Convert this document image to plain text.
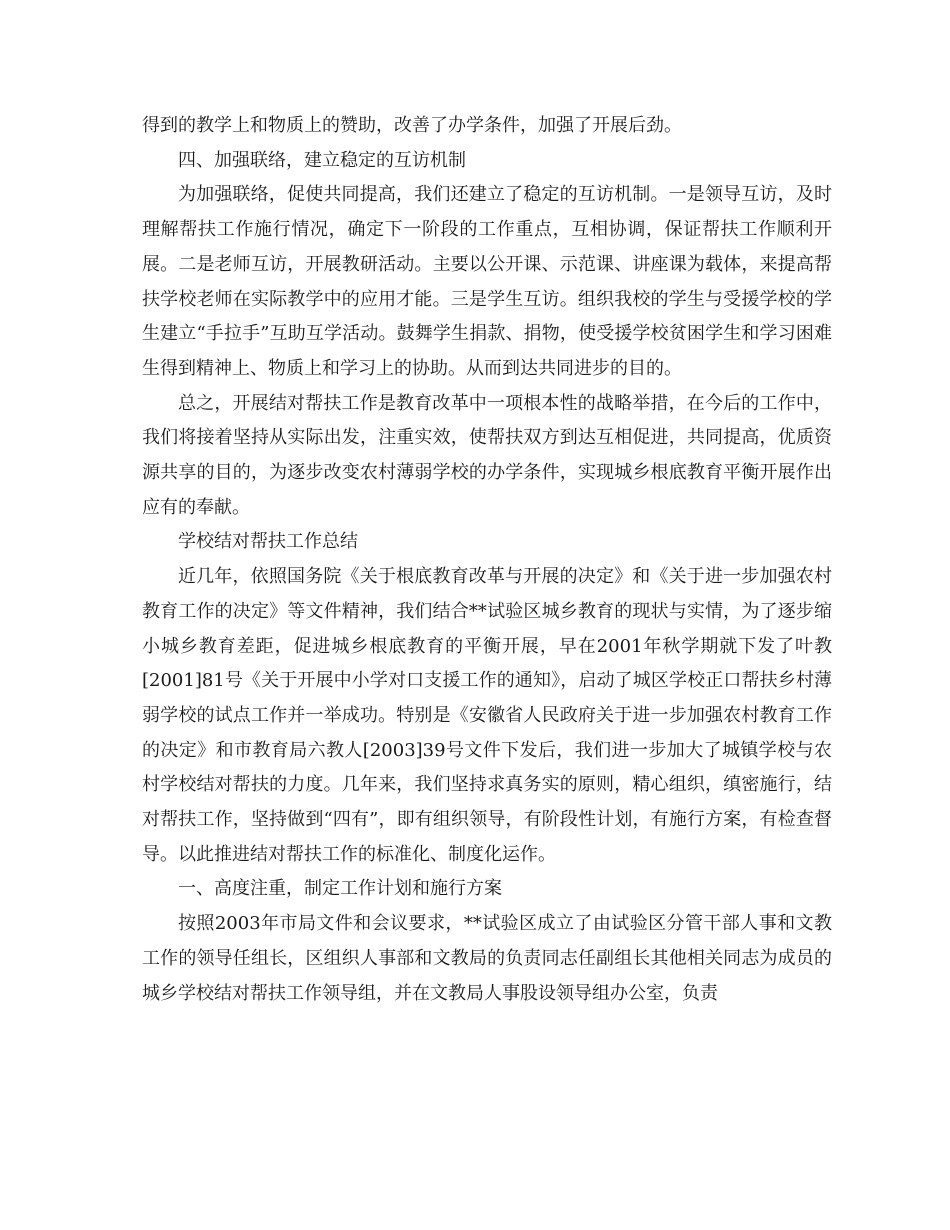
得到的教学上和物质上的赞助，改善了办学条件，加强了开展后劲。

四、加强联络，建立稳定的互访机制

为加强联络，促使共同提高，我们还建立了稳定的互访机制。一是领导互访，及时理解帮扶工作施行情况，确定下一阶段的工作重点，互相协调，保证帮扶工作顺利开展。二是老师互访，开展教研活动。主要以公开课、示范课、讲座课为载体，来提高帮扶学校老师在实际教学中的应用才能。三是学生互访。组织我校的学生与受援学校的学生建立“手拉手”互助互学活动。鼓舞学生捐款、捐物，使受援学校贫困学生和学习困难生得到精神上、物质上和学习上的协助。从而到达共同进步的目的。

总之，开展结对帮扶工作是教育改革中一项根本性的战略举措，在今后的工作中，我们将接着坚持从实际出发，注重实效，使帮扶双方到达互相促进，共同提高，优质资源共享的目的，为逐步改变农村薄弱学校的办学条件，实现城乡根底教育平衡开展作出应有的奉献。

学校结对帮扶工作总结

近几年，依照国务院《关于根底教育改革与开展的决定》和《关于进一步加强农村教育工作的决定》等文件精神，我们结合**试验区城乡教育的现状与实情，为了逐步缩小城乡教育差距，促进城乡根底教育的平衡开展，早在2001年秋学期就下发了叶教[2001]81号《关于开展中小学对口支援工作的通知》，启动了城区学校正口帮扶乡村薄弱学校的试点工作并一举成功。特别是《安徽省人民政府关于进一步加强农村教育工作的决定》和市教育局六教人[2003]39号文件下发后，我们进一步加大了城镇学校与农村学校结对帮扶的力度。几年来，我们坚持求真务实的原则，精心组织，缜密施行，结对帮扶工作，坚持做到“四有”，即有组织领导，有阶段性计划，有施行方案，有检查督导。以此推进结对帮扶工作的标准化、制度化运作。

一、高度注重，制定工作计划和施行方案

按照2003年市局文件和会议要求，**试验区成立了由试验区分管干部人事和文教工作的领导任组长，区组织人事部和文教局的负责同志任副组长其他相关同志为成员的城乡学校结对帮扶工作领导组，并在文教局人事股设领导组办公室，负责
